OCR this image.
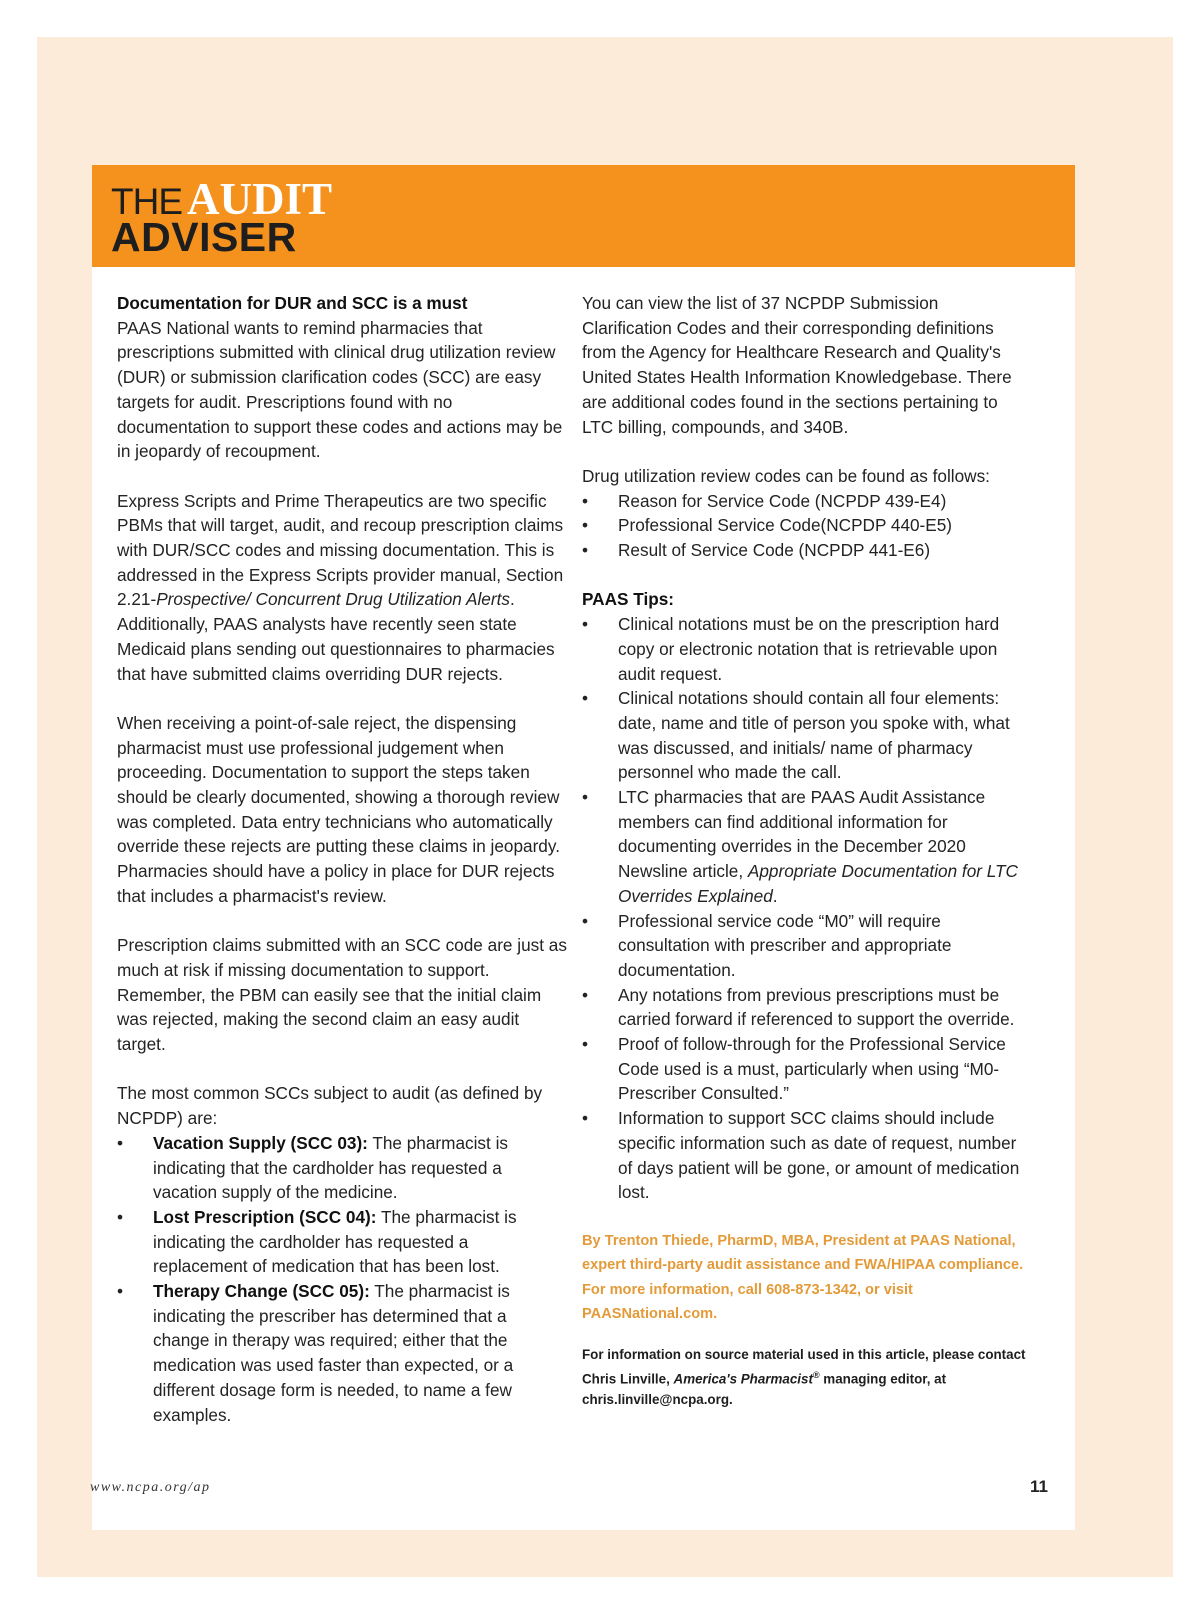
THE AUDIT
ADVISER

Documentation for DUR and SCC is a must

PAAS National wants to remind pharmacies that prescriptions submitted with clinical drug utilization review (DUR) or submission clarification codes (SCC) are easy targets for audit. Prescriptions found with no documentation to support these codes and actions may be in jeopardy of recoupment.

Express Scripts and Prime Therapeutics are two specific PBMs that will target, audit, and recoup prescription claims with DUR/SCC codes and missing documentation. This is addressed in the Express Scripts provider manual, Section 2.21-Prospective/ Concurrent Drug Utilization Alerts. Additionally, PAAS analysts have recently seen state Medicaid plans sending out questionnaires to pharmacies that have submitted claims overriding DUR rejects.

When receiving a point-of-sale reject, the dispensing pharmacist must use professional judgement when proceeding. Documentation to support the steps taken should be clearly documented, showing a thorough review was completed. Data entry technicians who automatically override these rejects are putting these claims in jeopardy. Pharmacies should have a policy in place for DUR rejects that includes a pharmacist's review.

Prescription claims submitted with an SCC code are just as much at risk if missing documentation to support. Remember, the PBM can easily see that the initial claim was rejected, making the second claim an easy audit target.

The most common SCCs subject to audit (as defined by NCPDP) are:

• Vacation Supply (SCC 03): The pharmacist is indicating that the cardholder has requested a vacation supply of the medicine.
• Lost Prescription (SCC 04): The pharmacist is indicating the cardholder has requested a replacement of medication that has been lost.
• Therapy Change (SCC 05): The pharmacist is indicating the prescriber has determined that a change in therapy was required; either that the medication was used faster than expected, or a different dosage form is needed, to name a few examples.

You can view the list of 37 NCPDP Submission Clarification Codes and their corresponding definitions from the Agency for Healthcare Research and Quality's United States Health Information Knowledgebase. There are additional codes found in the sections pertaining to LTC billing, compounds, and 340B.

Drug utilization review codes can be found as follows:

• Reason for Service Code (NCPDP 439-E4)
• Professional Service Code(NCPDP 440-E5)
• Result of Service Code (NCPDP 441-E6)

PAAS Tips:

• Clinical notations must be on the prescription hard copy or electronic notation that is retrievable upon audit request.
• Clinical notations should contain all four elements: date, name and title of person you spoke with, what was discussed, and initials/ name of pharmacy personnel who made the call.
• LTC pharmacies that are PAAS Audit Assistance members can find additional information for documenting overrides in the December 2020 Newsline article, Appropriate Documentation for LTC Overrides Explained.
• Professional service code “M0” will require consultation with prescriber and appropriate documentation.
• Any notations from previous prescriptions must be carried forward if referenced to support the override.
• Proof of follow-through for the Professional Service Code used is a must, particularly when using “M0-Prescriber Consulted.”
• Information to support SCC claims should include specific information such as date of request, number of days patient will be gone, or amount of medication lost.

By Trenton Thiede, PharmD, MBA, President at PAAS National, expert third-party audit assistance and FWA/HIPAA compliance. For more information, call 608-873-1342, or visit PAASNational.com.

For information on source material used in this article, please contact Chris Linville, America's Pharmacist® managing editor, at chris.linville@ncpa.org.

www.ncpa.org/ap	11
